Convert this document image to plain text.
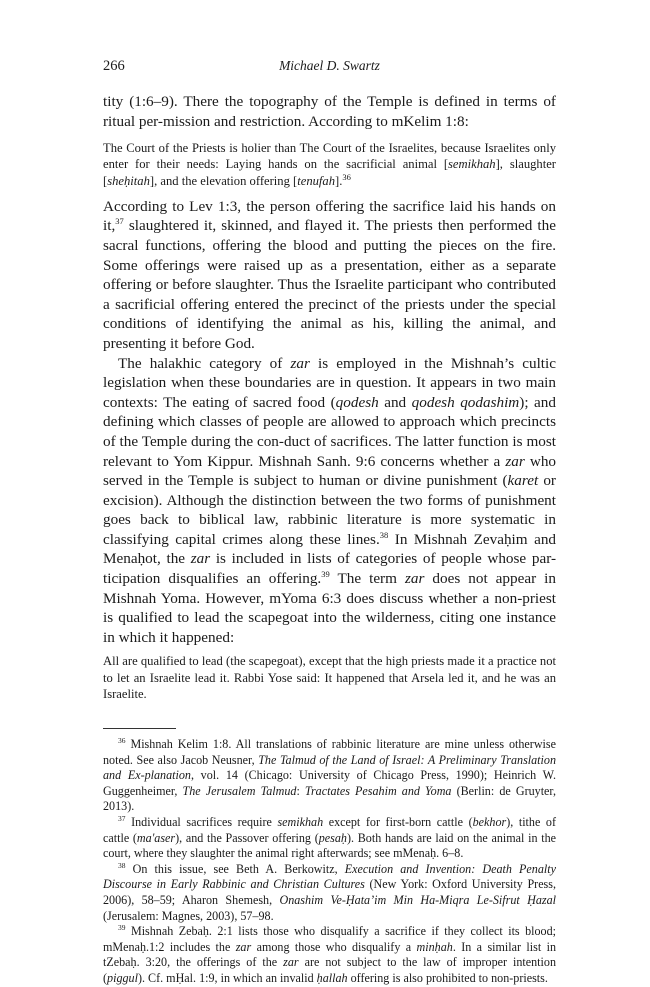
266	Michael D. Swartz

tity (1:6–9). There the topography of the Temple is defined in terms of ritual per-mission and restriction. According to mKelim 1:8:

The Court of the Priests is holier than The Court of the Israelites, because Israelites only enter for their needs: Laying hands on the sacrificial animal [semikhah], slaughter [sheḥitah], and the elevation offering [tenufah].$^{36}$

According to Lev 1:3, the person offering the sacrifice laid his hands on it,$^{37}$ slaughtered it, skinned, and flayed it. The priests then performed the sacral functions, offering the blood and putting the pieces on the fire. Some offerings were raised up as a presentation, either as a separate offering or before slaughter. Thus the Israelite participant who contributed a sacrificial offering entered the precinct of the priests under the special conditions of identifying the animal as his, killing the animal, and presenting it before God.

The halakhic category of zar is employed in the Mishnah’s cultic legislation when these boundaries are in question. It appears in two main contexts: The eating of sacred food (qodesh and qodesh qodashim); and defining which classes of people are allowed to approach which precincts of the Temple during the con-duct of sacrifices. The latter function is most relevant to Yom Kippur. Mishnah Sanh. 9:6 concerns whether a zar who served in the Temple is subject to human or divine punishment (karet or excision). Although the distinction between the two forms of punishment goes back to biblical law, rabbinic literature is more systematic in classifying capital crimes along these lines.$^{38}$ In Mishnah Zevaḥim and Menaḥot, the zar is included in lists of categories of people whose par-ticipation disqualifies an offering.$^{39}$ The term zar does not appear in Mishnah Yoma. However, mYoma 6:3 does discuss whether a non-priest is qualified to lead the scapegoat into the wilderness, citing one instance in which it happened:

All are qualified to lead (the scapegoat), except that the high priests made it a practice not to let an Israelite lead it. Rabbi Yose said: It happened that Arsela led it, and he was an Israelite.

$^{36}$ Mishnah Kelim 1:8. All translations of rabbinic literature are mine unless otherwise noted. See also Jacob Neusner, The Talmud of the Land of Israel: A Preliminary Translation and Ex-planation, vol. 14 (Chicago: University of Chicago Press, 1990); Heinrich W. Guggenheimer, The Jerusalem Talmud: Tractates Pesahim and Yoma (Berlin: de Gruyter, 2013).

$^{37}$ Individual sacrifices require semikhah except for first-born cattle (bekhor), tithe of cattle (ma'aser), and the Passover offering (pesaḥ). Both hands are laid on the animal in the court, where they slaughter the animal right afterwards; see mMenaḥ. 6–8.

$^{38}$ On this issue, see Beth A. Berkowitz, Execution and Invention: Death Penalty Discourse in Early Rabbinic and Christian Cultures (New York: Oxford University Press, 2006), 58–59; Aharon Shemesh, Onashim Ve-Ḥata’im Min Ha-Miqra Le-Sifrut Ḥazal (Jerusalem: Magnes, 2003), 57–98.

$^{39}$ Mishnah Zebaḥ. 2:1 lists those who disqualify a sacrifice if they collect its blood; mMenaḥ.1:2 includes the zar among those who disqualify a minḥah. In a similar list in tZebaḥ. 3:20, the offerings of the zar are not subject to the law of improper intention (piggul). Cf. mḤal. 1:9, in which an invalid ḥallah offering is also prohibited to non-priests.
